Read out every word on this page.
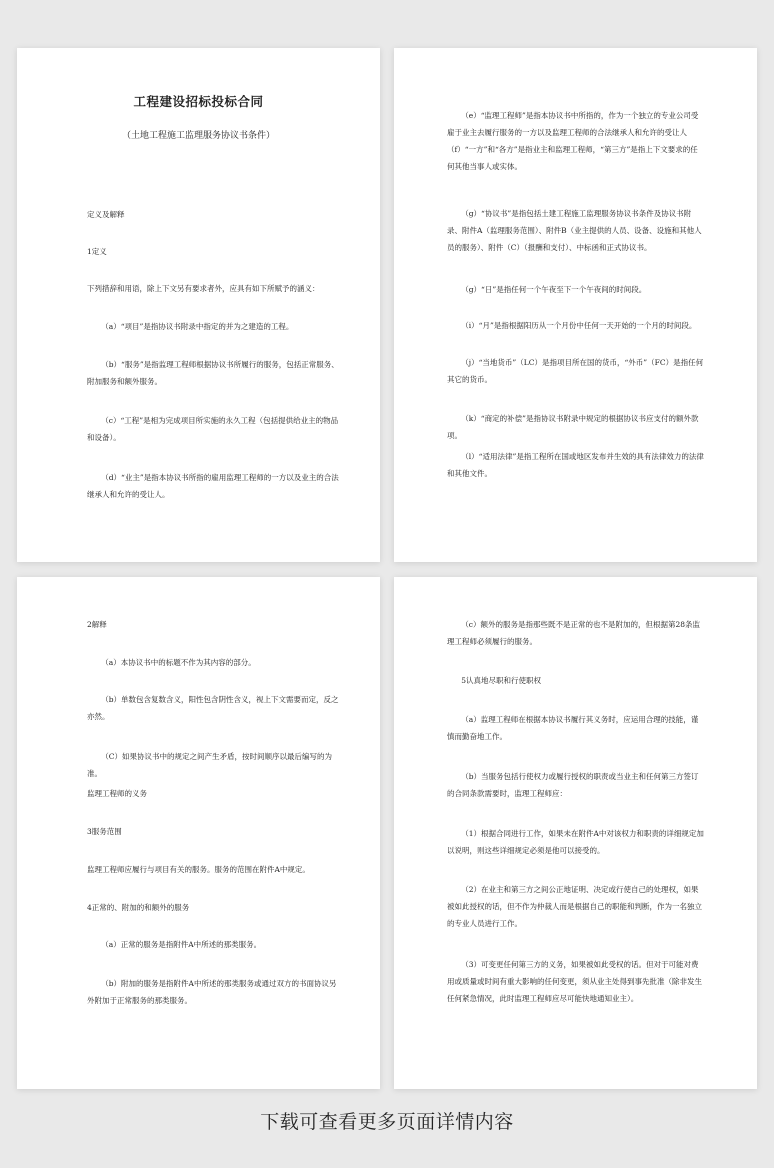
工程建设招标投标合同
（土地工程施工监理服务协议书条件）

定义及解释

1定义

下列措辞和用语，除上下文另有要求者外，应具有如下所赋予的涵义：

（a）“项目”是指协议书附录中指定的并为之建造的工程。

（b）“服务”是指监理工程师根据协议书所履行的服务，包括正常服务、附加服务和额外服务。

（c）“工程”是相为完成项目所实施的永久工程（包括提供给业主的物品和设备）。

（d）“业主”是指本协议书所指的雇用监理工程师的一方以及业主的合法继承人和允许的受让人。

（e）“监理工程师”是指本协议书中所指的，作为一个独立的专业公司受雇于业主去履行服务的一方以及监理工程师的合法继承人和允许的受让人（f）“一方”和“各方”是指业主和监理工程师，“第三方”是指上下文要求的任何其他当事人或实体。

（g）“协议书”是指包括土建工程施工监理服务协议书条件及协议书附录、附件A（监理服务范围）、附件B（业主提供的人员、设备、设施和其他人员的服务）、附件（C）（报酬和支付）、中标函和正式协议书。

（g）“日”是指任何一个午夜至下一个午夜间的时间段。

（i）“月”是指根据阳历从一个月份中任何一天开始的一个月的时间段。

（j）“当地货币”（LC）是指项目所在国的货币，“外币”（FC）是指任何其它的货币。

（k）“商定的补偿”是指协议书附录中规定的根据协议书应支付的额外款项。

（l）“适用法律”是指工程所在国或地区发布并生效的具有法律效力的法律和其他文件。

2解释

（a）本协议书中的标题不作为其内容的部分。

（b）单数包含复数含义，阳性包含阴性含义，视上下文需要而定，反之亦然。

（C）如果协议书中的规定之间产生矛盾，按时间顺序以最后编写的为准。

监理工程师的义务

3服务范围

监理工程师应履行与项目有关的服务。服务的范围在附件A中规定。

4正常的、附加的和额外的服务

（a）正常的服务是指附件A中所述的那类服务。

（b）附加的服务是指附件A中所述的那类服务或通过双方的书面协议另外附加于正常服务的那类服务。

（c）额外的服务是指那些既不是正常的也不是附加的，但根据第28条监理工程师必须履行的服务。

5认真地尽职和行使职权

（a）监理工程师在根据本协议书履行其义务时，应运用合理的技能，谨慎而勤奋地工作。

（b）当服务包括行使权力或履行授权的职责或当业主和任何第三方签订的合同条款需要时，监理工程师应：

（1）根据合同进行工作，如果未在附件A中对该权力和职责的详细规定加以说明，则这些详细规定必须是他可以接受的。

（2）在业主和第三方之间公正地证明、决定或行使自己的处理权，如果被如此授权的话，但不作为仲裁人而是根据自己的职能和判断，作为一名独立的专业人员进行工作。

（3）可变更任何第三方的义务，如果被如此受权的话。但对于可能对费用或质量或时间有重大影响的任何变更，须从业主处得到事先批准（除非发生任何紧急情况，此时监理工程师应尽可能快地通知业主）。

下载可查看更多页面详情内容
